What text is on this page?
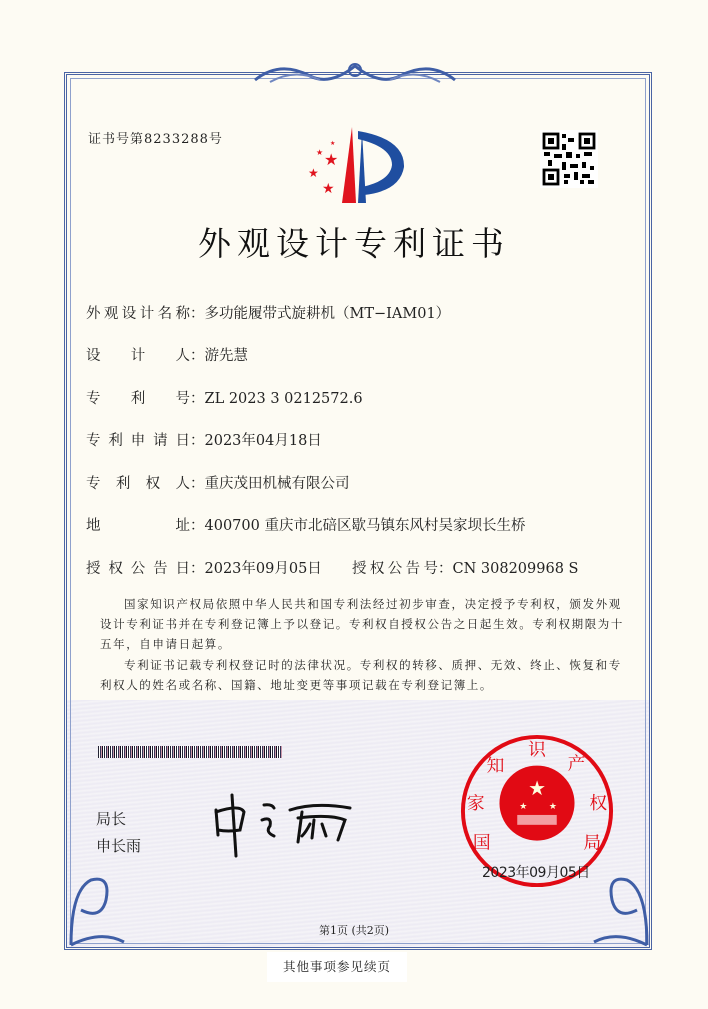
证书号第8233288号
★
★
★
★
★
外观设计专利证书
外观设计名称：多功能履带式旋耕机（MT−IAM01）
设计人：游先慧
专利号：ZL 2023 3 0212572.6
专利申请日：2023年04月18日
专利权人：重庆茂田机械有限公司
地址：400700 重庆市北碚区歇马镇东风村吴家坝长生桥
授权公告日：2023年09月05日 授权公告号：CN 308209968 S
国家知识产权局依照中华人民共和国专利法经过初步审查，决定授予专利权，颁发外观设计专利证书并在专利登记簿上予以登记。专利权自授权公告之日起生效。专利权期限为十五年，自申请日起算。
专利证书记载专利权登记时的法律状况。专利权的转移、质押、无效、终止、恢复和专利权人的姓名或名称、国籍、地址变更等事项记载在专利登记簿上。
局长
申长雨
★
★ ★
国
家
知
识
产
权
局
2023年09月05日
第1页 (共2页)
其他事项参见续页
